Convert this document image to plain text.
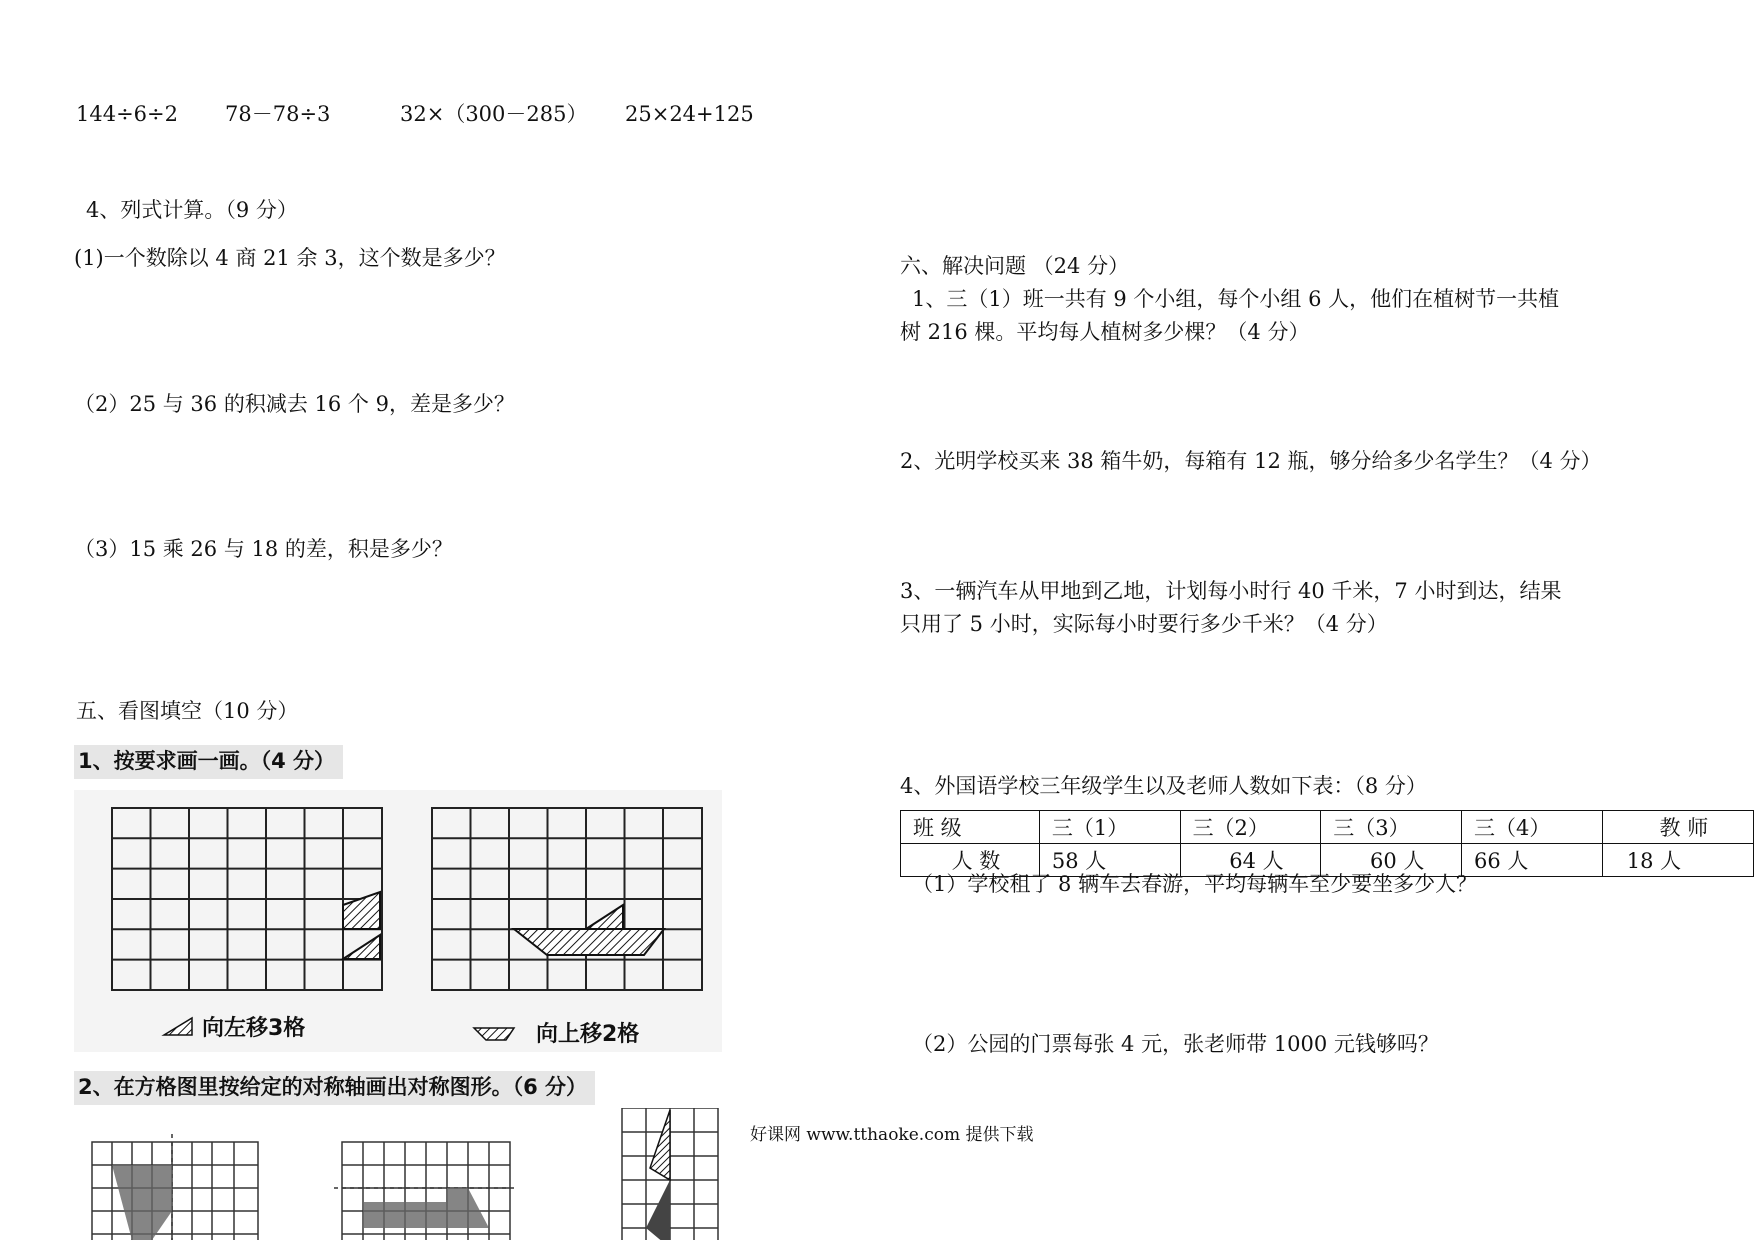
144÷6÷2 78－78÷3	32×（300－285） 25×24+125
4、列式计算。（9 分）
(1)一个数除以 4 商 21 余 3，这个数是多少？
（2）25 与 36 的积减去 16 个 9，差是多少？
（3）15 乘 26 与 18 的差，积是多少？
五、看图填空（10 分）
1、按要求画一画。（4 分）
向左移3格	向上移2格
2、在方格图里按给定的对称轴画出对称图形。（6 分）
六、解决问题 （24 分）
1、三（1）班一共有 9 个小组，每个小组 6 人，他们在植树节一共植
树 216 棵。平均每人植树多少棵？（4 分）
2、光明学校买来 38 箱牛奶，每箱有 12 瓶，够分给多少名学生？（4 分）
3、一辆汽车从甲地到乙地，计划每小时行 40 千米，7 小时到达，结果
只用了 5 小时，实际每小时要行多少千米？（4 分）
4、外国语学校三年级学生以及老师人数如下表：（8 分）
班 级	三（1）	三（2）	三（3）	三（4）	教 师
人 数	58 人	64 人	60 人	66 人	18 人
（1）学校租了 8 辆车去春游，平均每辆车至少要坐多少人？
（2）公园的门票每张 4 元，张老师带 1000 元钱够吗？
好课网 www.tthaoke.com 提供下载
